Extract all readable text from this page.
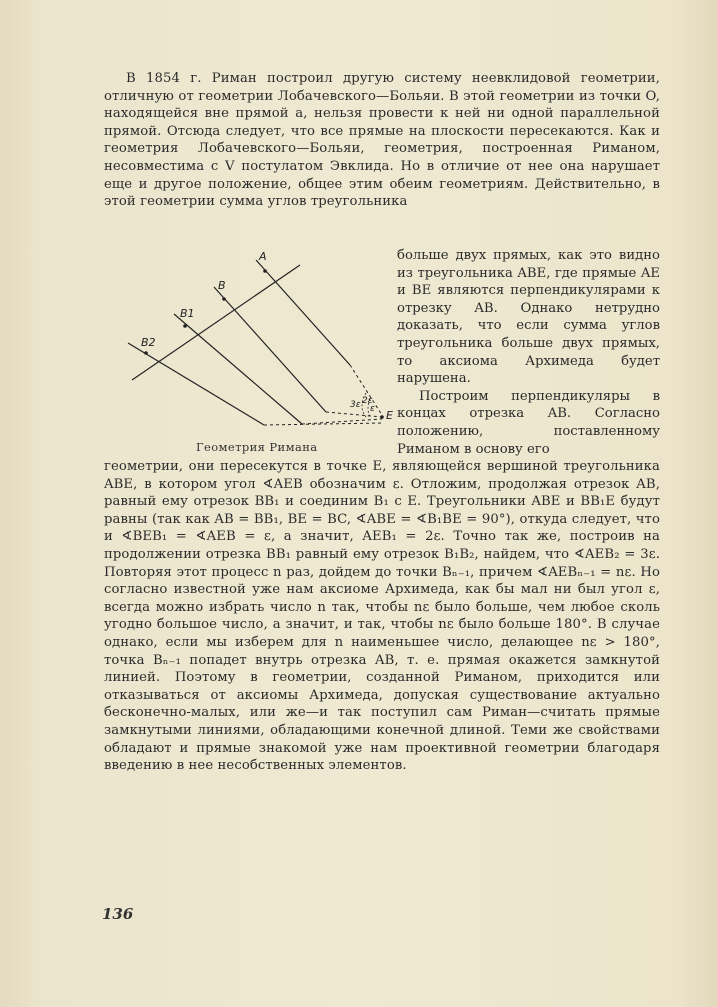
В 1854 г. Риман построил другую систему неевклидовой геометрии, отличную от геометрии Лобачевского—Больяи. В этой геометрии из точки O, находящейся вне прямой a, нельзя провести к ней ни одной параллельной прямой. Отсюда следует, что все прямые на плоскости пересекаются. Как и геометрия Лобачевского—Больяи, геометрия, построенная Риманом, несовместима с V постулатом Эвклида. Но в отличие от нее она нарушает еще и другое положение, общее этим обеим геометриям. Действительно, в этой геометрии сумма углов треугольника

A
B
B1
B2
E
3ε 2ε
ε
Геометрия Римана

больше двух прямых, как это видно из треугольника ABE, где прямые AE и BE являются перпендикулярами к отрезку AB. Однако нетрудно доказать, что если сумма углов треугольника больше двух прямых, то аксиома Архимеда будет нарушена.

Построим перпендикуляры в концах отрезка AB. Согласно положению, поставленному Риманом в основу его

геометрии, они пересекутся в точке E, являющейся вершиной треугольника ABE, в котором угол ∢AEB обозначим ε. Отложим, продолжая отрезок AB, равный ему отрезок BB₁ и соединим B₁ с E. Треугольники ABE и BB₁E будут равны (так как AB = BB₁, BE = BC, ∢ABE = ∢B₁BE = 90°), откуда следует, что и ∢BEB₁ = ∢AEB = ε, а значит, AEB₁ = 2ε. Точно так же, построив на продолжении отрезка BB₁ равный ему отрезок B₁B₂, найдем, что ∢AEB₂ = 3ε. Повторяя этот процесс n раз, дойдем до точки Bₙ₋₁, причем ∢AEBₙ₋₁ = nε. Но согласно известной уже нам аксиоме Архимеда, как бы мал ни был угол ε, всегда можно избрать число n так, чтобы nε было больше, чем любое сколь угодно большое число, а значит, и так, чтобы nε было больше 180°. В случае однако, если мы изберем для n наименьшее число, делающее nε > 180°, точка Bₙ₋₁ попадет внутрь отрезка AB, т. е. прямая окажется замкнутой линией. Поэтому в геометрии, созданной Риманом, приходится или отказываться от аксиомы Архимеда, допуская существование актуально бесконечно-малых, или же—и так поступил сам Риман—считать прямые замкнутыми линиями, обладающими конечной длиной. Теми же свойствами обладают и прямые знакомой уже нам проективной геометрии благодаря введению в нее несобственных элементов.

136
